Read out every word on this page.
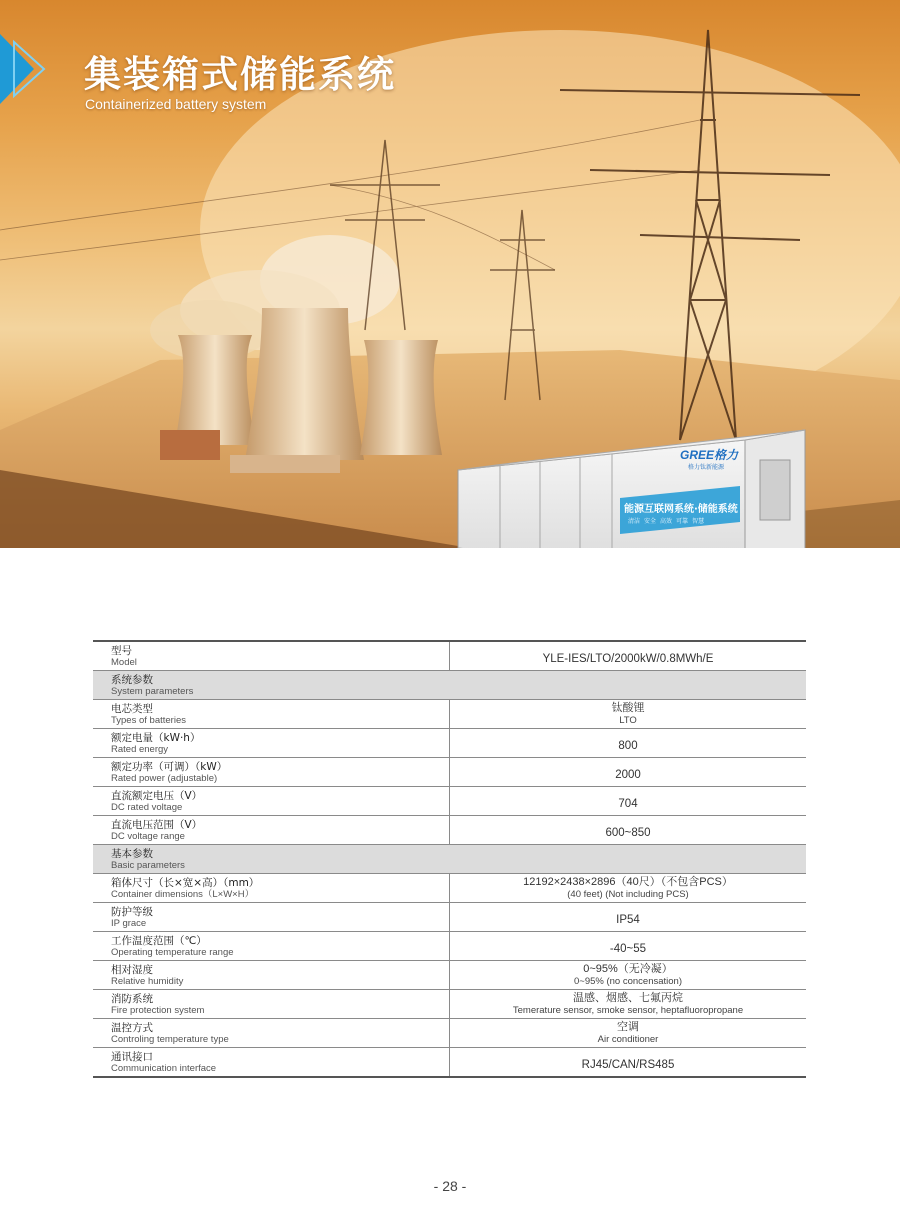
集装箱式储能系统
Containerized battery system
GREE格力
格力钛新能源
能源互联网系统·储能系统
清洁 安全 高效 可靠 智慧
型号
Model	YLE-IES/LTO/2000kW/0.8MWh/E

系统参数
System parameters	

电芯类型
Types of batteries	钛酸锂
LTO

额定电量（kW·h）
Rated energy	800

额定功率（可调）（kW）
Rated power (adjustable)	2000

直流额定电压（V）
DC rated voltage	704

直流电压范围（V）
DC voltage range	600~850

基本参数
Basic parameters	

箱体尺寸（长×宽×高）（mm）
Container dimensions（L×W×H）	12192×2438×2896（40尺）（不包含PCS）
(40 feet) (Not including PCS)

防护等级
IP grace	IP54

工作温度范围（℃）
Operating temperature range	-40~55

相对湿度
Relative humidity	0~95%（无冷凝）
0~95% (no concensation)

消防系统
Fire protection system	温感、烟感、七氟丙烷
Temerature sensor, smoke sensor, heptafluoropropane

温控方式
Controling temperature type	空调
Air conditioner

通讯接口
Communication interface	RJ45/CAN/RS485
- 28 -
